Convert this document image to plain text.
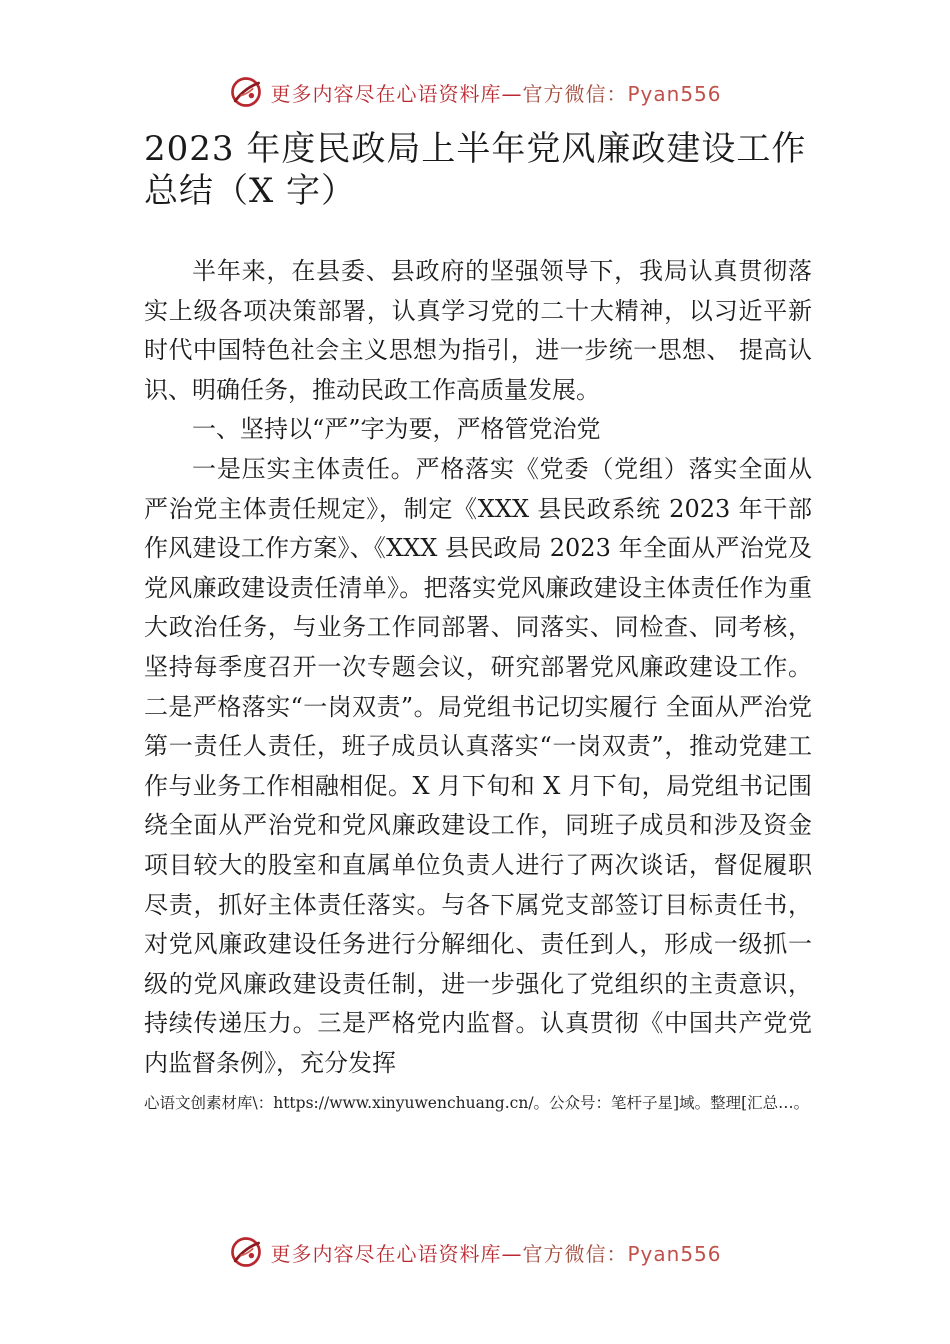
更多内容尽在心语资料库—官方微信：Pyan556
2023 年度民政局上半年党风廉政建设工作总结（X 字）

半年来，在县委、县政府的坚强领导下，我局认真贯彻落实上级各项决策部署，认真学习党的二十大精神，以习近平新时代中国特色社会主义思想为指引，进一步统一思想、 提高认识、明确任务，推动民政工作高质量发展。

一、坚持以“严”字为要，严格管党治党

一是压实主体责任。严格落实《党委（党组）落实全面从严治党主体责任规定》，制定《XXX 县民政系统 2023 年干部作风建设工作方案》、《XXX 县民政局 2023 年全面从严治党及党风廉政建设责任清单》。把落实党风廉政建设主体责任作为重大政治任务，与业务工作同部署、同落实、同检查、同考核，坚持每季度召开一次专题会议，研究部署党风廉政建设工作。二是严格落实“一岗双责”。局党组书记切实履行 全面从严治党第一责任人责任，班子成员认真落实“一岗双责”，推动党建工作与业务工作相融相促。X 月下旬和 X 月下旬，局党组书记围绕全面从严治党和党风廉政建设工作，同班子成员和涉及资金项目较大的股室和直属单位负责人进行了两次谈话，督促履职尽责，抓好主体责任落实。与各下属党支部签订目标责任书，对党风廉政建设任务进行分解细化、责任到人，形成一级抓一级的党风廉政建设责任制，进一步强化了党组织的主责意识，持续传递压力。三是严格党内监督。认真贯彻《中国共产党党内监督条例》，充分发挥

心语文创素材库\：https://www.xinyuwenchuang.cn/。公众号：笔杆子星]域。整理[汇总…。
更多内容尽在心语资料库—官方微信：Pyan556
